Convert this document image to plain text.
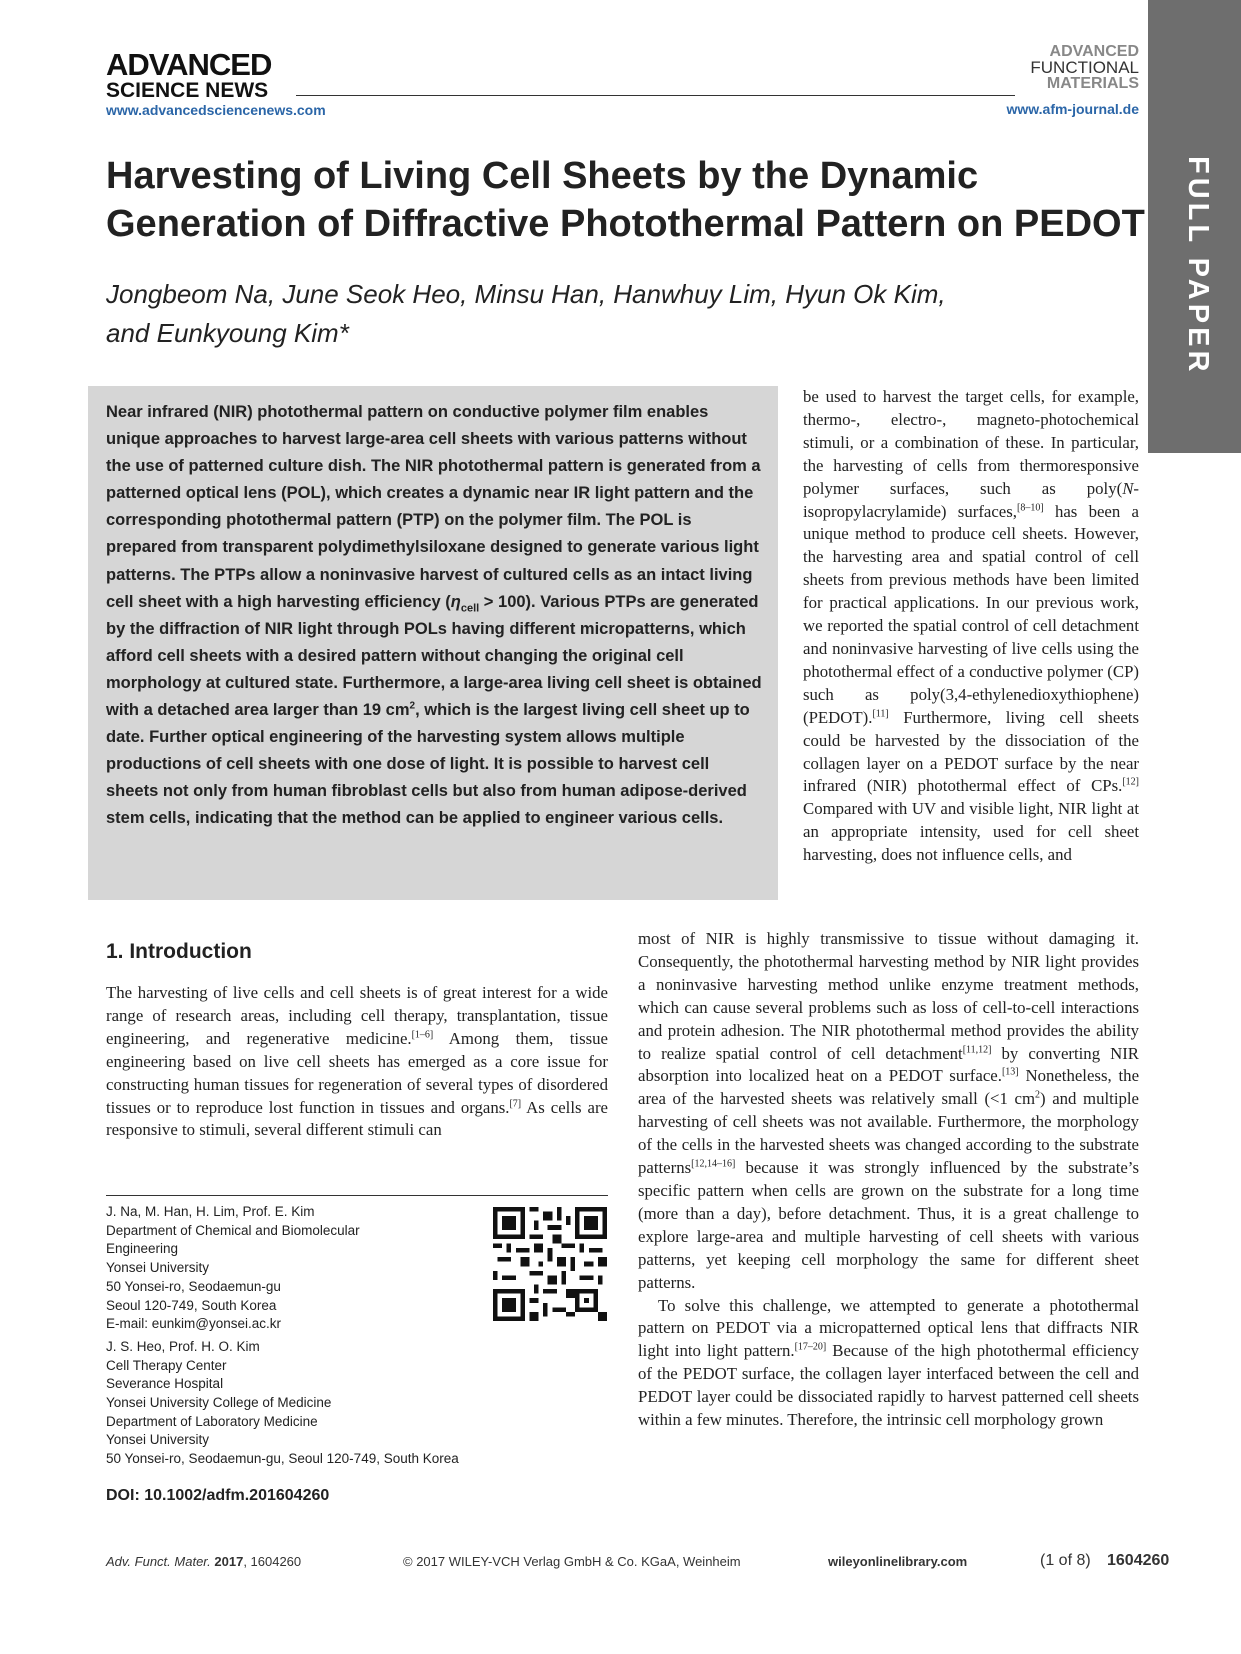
ADVANCED
SCIENCE NEWS
www.advancedsciencenews.com
ADVANCED
FUNCTIONAL
MATERIALS
www.afm-journal.de
FULL PAPER
Harvesting of Living Cell Sheets by the Dynamic
Generation of Diffractive Photothermal Pattern on PEDOT
Jongbeom Na, June Seok Heo, Minsu Han, Hanwhuy Lim, Hyun Ok Kim,
and Eunkyoung Kim*

Near infrared (NIR) photothermal pattern on conductive polymer film enables unique approaches to harvest large-area cell sheets with various patterns without the use of patterned culture dish. The NIR photothermal pattern is generated from a patterned optical lens (POL), which creates a dynamic near IR light pattern and the corresponding photothermal pattern (PTP) on the polymer film. The POL is prepared from transparent polydimethylsiloxane designed to generate various light patterns. The PTPs allow a noninvasive harvest of cultured cells as an intact living cell sheet with a high harvesting efficiency $(\eta_{cell} > 100)$. Various PTPs are generated by the diffraction of NIR light through POLs having different micropatterns, which afford cell sheets with a desired pattern without changing the original cell morphology at cultured state. Furthermore, a large-area living cell sheet is obtained with a detached area larger than 19 $cm^2$, which is the largest living cell sheet up to date. Further optical engineering of the harvesting system allows multiple productions of cell sheets with one dose of light. It is possible to harvest cell sheets not only from human fibroblast cells but also from human adipose-derived stem cells, indicating that the method can be applied to engineer various cells.

be used to harvest the target cells, for example, thermo-, electro-, magneto-photochemical stimuli, or a combination of these. In particular, the harvesting of cells from thermoresponsive polymer surfaces, such as poly(N-isopropylacrylamide) surfaces,[8–10] has been a unique method to produce cell sheets. However, the harvesting area and spatial control of cell sheets from previous methods have been limited for practical applications. In our previous work, we reported the spatial control of cell detachment and noninvasive harvesting of live cells using the photothermal effect of a conductive polymer (CP) such as poly(3,4-ethylenedioxythiophene) (PEDOT).[11] Furthermore, living cell sheets could be harvested by the dissociation of the collagen layer on a PEDOT surface by the near infrared (NIR) photothermal effect of CPs.[12] Compared with UV and visible light, NIR light at an appropriate intensity, used for cell sheet harvesting, does not influence cells, and

1. Introduction

The harvesting of live cells and cell sheets is of great interest for a wide range of research areas, including cell therapy, transplantation, tissue engineering, and regenerative medicine.[1–6] Among them, tissue engineering based on live cell sheets has emerged as a core issue for constructing human tissues for regeneration of several types of disordered tissues or to reproduce lost function in tissues and organs.[7] As cells are responsive to stimuli, several different stimuli can

most of NIR is highly transmissive to tissue without damaging it. Consequently, the photothermal harvesting method by NIR light provides a noninvasive harvesting method unlike enzyme treatment methods, which can cause several problems such as loss of cell-to-cell interactions and protein adhesion. The NIR photothermal method provides the ability to realize spatial control of cell detachment[11,12] by converting NIR absorption into localized heat on a PEDOT surface.[13] Nonetheless, the area of the harvested sheets was relatively small (<1 $cm^2$) and multiple harvesting of cell sheets was not available. Furthermore, the morphology of the cells in the harvested sheets was changed according to the substrate patterns[12,14–16] because it was strongly influenced by the substrate’s specific pattern when cells are grown on the substrate for a long time (more than a day), before detachment. Thus, it is a great challenge to explore large-area and multiple harvesting of cell sheets with various patterns, yet keeping cell morphology the same for different sheet patterns.

To solve this challenge, we attempted to generate a photothermal pattern on PEDOT via a micropatterned optical lens that diffracts NIR light into light pattern.[17–20] Because of the high photothermal efficiency of the PEDOT surface, the collagen layer interfaced between the cell and PEDOT layer could be dissociated rapidly to harvest patterned cell sheets within a few minutes. Therefore, the intrinsic cell morphology grown

J. Na, M. Han, H. Lim, Prof. E. Kim
Department of Chemical and Biomolecular
Engineering
Yonsei University
50 Yonsei-ro, Seodaemun-gu
Seoul 120-749, South Korea
E-mail: eunkim@yonsei.ac.kr
J. S. Heo, Prof. H. O. Kim
Cell Therapy Center
Severance Hospital
Yonsei University College of Medicine
Department of Laboratory Medicine
Yonsei University
50 Yonsei-ro, Seodaemun-gu, Seoul 120-749, South Korea
DOI: 10.1002/adfm.201604260
Adv. Funct. Mater. 2017, 1604260	© 2017 WILEY-VCH Verlag GmbH & Co. KGaA, Weinheim	wileyonlinelibrary.com	(1 of 8) 1604260
